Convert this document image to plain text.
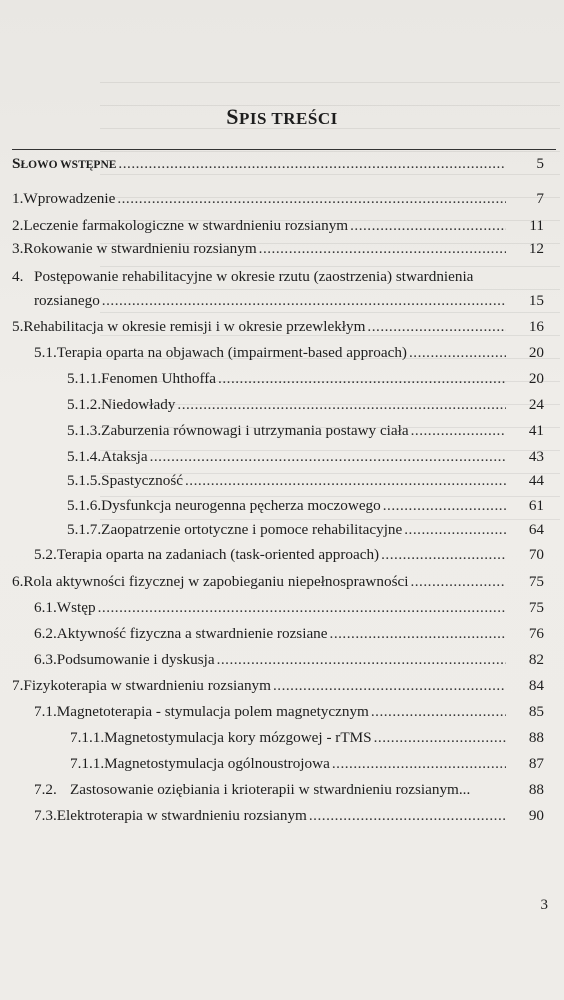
SPIS TREŚCI
SŁOWO WSTĘPNE .....	5
1. Wprowadzenie .....	7
2. Leczenie farmakologiczne w stwardnieniu rozsianym .....	11
3. Rokowanie w stwardnieniu rozsianym .....	12
4. Postępowanie rehabilitacyjne w okresie rzutu (zaostrzenia) stwardnienia
rozsianego .....	15
5. Rehabilitacja w okresie remisji i w okresie przewlekłym .....	16
5.1. Terapia oparta na objawach (impairment-based approach) .....	20
5.1.1. Fenomen Uhthoffa .....	20
5.1.2. Niedowłady .....	24
5.1.3. Zaburzenia równowagi i utrzymania postawy ciała .....	41
5.1.4. Ataksja .....	43
5.1.5. Spastyczność .....	44
5.1.6. Dysfunkcja neurogenna pęcherza moczowego .....	61
5.1.7. Zaopatrzenie ortotyczne i pomoce rehabilitacyjne .....	64
5.2. Terapia oparta na zadaniach (task-oriented approach) .....	70
6. Rola aktywności fizycznej w zapobieganiu niepełnosprawności .....	75
6.1. Wstęp .....	75
6.2. Aktywność fizyczna a stwardnienie rozsiane .....	76
6.3. Podsumowanie i dyskusja .....	82
7. Fizykoterapia w stwardnieniu rozsianym .....	84
7.1. Magnetoterapia - stymulacja polem magnetycznym .....	85
7.1.1. Magnetostymulacja kory mózgowej - rTMS .....	88
7.1.1. Magnetostymulacja ogólnoustrojowa .....	87
7.2. Zastosowanie oziębiania i krioterapii w stwardnieniu rozsianym...	88
7.3. Elektroterapia w stwardnieniu rozsianym .....	90
3
